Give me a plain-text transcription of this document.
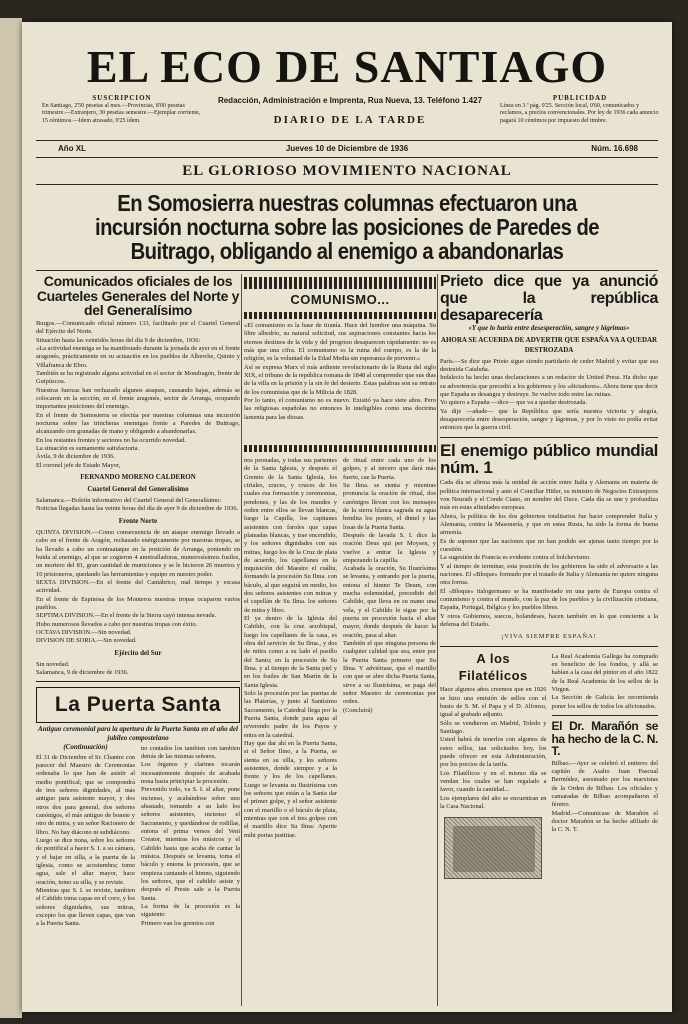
EL ECO DE SANTIAGO
SUSCRIPCION
En Santiago, 2'50 pesetas al mes.—Provincias, 8'00 pesetas trimestre.—Extranjero, 30 pesetas semestre.—Ejemplar corriente, 15 céntimos.—Idem atrasado, 0'25 ídem.
Redacción, Administración e Imprenta, Rua Nueva, 13. Teléfono 1.427
DIARIO DE LA TARDE
PUBLICIDAD
Línea en 3.ª pág. 0'25. Sección local, 0'60, comunicados y reclamos, a precios convencionales. Por ley de 1936 cada anuncio pagará 10 céntimos por impuesto del timbre.
Año XL	Jueves 10 de Diciembre de 1936	Núm. 16.698
EL GLORIOSO MOVIMIENTO NACIONAL
En Somosierra nuestras columnas efectuaron una incursión nocturna sobre las posiciones de Paredes de Buitrago, obligando al enemigo a abandonarlas
Comunicados oficiales de los Cuarteles Generales del Norte y del Generalísimo
Burgos.—Comunicado oficial número 133, facilitado por el Cuartel General del Ejército del Norte.
Situación hasta las veintidós horas del día 9 de diciembre, 1936:
«La actividad enemiga se ha manifestado durante la jornada de ayer en el frente aragonés, prácticamente en su actuación en los pueblos de Alberche, Quinto y Villafranca de Ebro.
También se ha registrado alguna actividad en el sector de Mondragón, frente de Guipúzcoa.
Nuestras fuerzas han rechazado algunos ataques, causando bajas, además se colocaron en la sección, en el frente aragonés, sector de Arranga, ocupando importantes posiciones del enemigo.
En el frente de Somosierra se efectúa por nuestras columnas una incursión nocturna sobre las trincheras enemigas frente a Paredes de Buitrago, alcanzando con granadas de mano y obligando a abandonarlas.
En los restantes frentes y sectores no ha ocurrido novedad.
La situación es sumamente satisfactoria.
Ávila, 9 de diciembre de 1936.
El coronel jefe de Estado Mayor,
FERNANDO MORENO CALDERON
Cuartel General del Generalísimo
Salamanca.—Boletín informativo del Cuartel General del Generalísimo:
Noticias llegadas hasta las veinte horas del día de ayer 9 de diciembre de 1936.
Frente Norte
QUINTA DIVISION.—Como consecuencia de un ataque enemigo llevado a cabo en el frente de Aragón, rechazado enérgicamente por nuestras tropas, se ha llevado a cabo un contraataque en la posición de Arranga, poniendo en huida al enemigo, al que se cogieron 4 ametralladoras, numerosísimos fusiles, un mortero del 81, gran cantidad de municiones y se le hicieron 26 muertos y 10 prisioneros, quedando las herramientas y equipo en nuestro poder.
SEXTA DIVISION.—En el frente del Cantábrico, mal tiempo y escasa actividad.
En el frente de Espinosa de los Monteros nuestras tropas ocuparon varios pueblos.
SEPTIMA DIVISION.—En el frente de la Sierra cayó intensa nevada.
Hubo numerosos llevados a cabo por nuestras tropas con éxito.
OCTAVA DIVISION.—Sin novedad.
DIVISION DE SORIA.—Sin novedad.
Ejército del Sur
Sin novedad.
Salamanca, 9 de diciembre de 1936.
La Puerta Santa
Antiguo ceremonial para la apertura de la Puerta Santa en el año del jubileo compostelano
(Continuación)
El 31 de Diciembre el Sr. Chantre con parecer del Maestro de Ceremonias ordenaba lo que han de asistir al medio pontifical; que se compondrá de tres señores dignidades, al más antiguo para asistente mayor, y dos otros dos para general, dos señores canónigos, el más antiguo de bonete y otro de mitra, y un señor Racionero de libro. No hay diácono ni subdiácono.
Luego se dice nona, sobre los señores de pontifical a hacer S. I. a su cámara, y el bajar en silla, a la puerta de la iglesia, como se acostumbra; tomo agua, sale el altar mayor, hace oración, tomo su silla, y se reviste.
Mientras que S. I. se reviste, tambien el Cabildo toma capas en el coro, y los señores dignidades, sus mitras, excepto los que lleven capas, que van a la Puerta Santa.
no contados los tambien con tambien detrás de las mismas señores.
Los órganos y clarines tocarán incesantemente después de acabada nona hasta principiar la procesión.
Prevenido todo, va S. I. al altar, pone incienso, y acabándose sobre uno abastado, tomando a su lado los señores asistentes, incienso el Sacramento, y quedándose de rodillas, entona el prima versos del Veni Creator, mientras los músicos y el Cabildo hasta que acaba de cantar la música. Después se levanta, toma el báculo y entona la procesión, que se empieza cantando el himno, siguiendo los señores, que el cabildo asiste y después el Preste sale a la Puerta Santa.
La forma de la procesión es la siguiente:
Primero van los gremios con
COMUNISMO...
«El comunismo es la base de tiranía. Hace del hombre una máquina. Su libre albedrío, su natural solicitud, sus aspiraciones constantes hacia los eternos destinos de la vida y del progreso desaparecen rápidamente: no es más que una cifra. El comunismo es la ruina del cuerpo, es la de la religión, es la voluntad de la Edad Media sin esperanza de porvenir.»
Así se expresa Marx el más ardiente revolucionario de la Rusia del siglo XIX, el tribuno de la república romana de 1848 al comprender que sus días de la villa en la prisión y la sin fe del desierto. Estas palabras son su retrato de los comunistas que de la Milicia de 1828.
Por lo tanto, el comunismo no es nuevo. Existió ya hace siete años. Pero las religiosas españolas no entonces lo inteligibles como una doctrina lamenta para las diosas.
nos peonadas, y todas sus parientes de la Santa Iglesia, y después el Gremio de la Santa Iglesia, los ciriales, cruces, y cruces de los cuales esa formación y ceremonias, pendones, y las de los mandes y orden entre ellos se llevan blancas, luego la Capilla, los capitanes asistentes con faroles que capas plateadas blancas, y trae encendido, y los señores dignidades con sus mitras, luego los de la Cruz de plata de acuerdo, los capellanes en la inquisición del Maestre el cuáltu, formando la procesión Su Ilma. con báculo, al que seguirá en medio, los dos señores asistentes con mitras y el capellán de Su Ilma. los señores de mitra y libro.
El ya dentro de la Iglesia del Cabildo, con la cruz arzobispal, luego los capellanes de la casa, es obra del servicio de Su Ilma., y dos de mitra como a su lado el pasillo del Santo; en la procesión de Su Ilma. y al tiempo de la Santa piel y en los frailes de San Martín de la Santa Iglesia.
Solo la procesión por las puertas de las Platerías, y junto al Santísimo Sacramento, la Catedral llega por la Puerta Santa, donde para agua al reverendo padre de los Payos y entra en la catedral.
Hay que dar ahí en la Puerta Santa, si el Señor Ilmo, a la Puerta, se sienta en su silla, y los señores asistentes, donde siempre y a la frente y los de los capellanes. Luego se levanta su Ilustrísima con los señores que están a la Santa dar el primer golpe, y el señor asistente con el martillo o el báculo de plata, mientras que con el tres golpes con el martillo dice Su Ilma: Aperite mihi portas justitiae.
de ritual entre cada uno de los golpes, y al tercero que dará más fuerte, cae la Puerta.
Su Ilma. se sienta y mientras pronuncia la oración de ritual, dos canónigos llevan con los mensajes de la sierra blanca sagrada su agua bendita los postes, el dintel y las losas de la Puerta Santa.
Después de lavada S. I. dice la oración Deus qui per Moysen, y vuelve a entrar la Iglesia y empezando la capilla.
Acabada la oración, Su Ilustrísima se levanta, y entrando por la puerta, entona el himno Te Deum, con mucha solemnidad, precedido del Cabildo, que lleva en su mano una vela, y el Cabildo le sigue por la puerta en procesión hacia el altar mayor, donde después de hacer la oración, pasa al altar.
También el que ninguna persona de cualquier calidad que sea, entre por la Puerta Santa primero que Su Ilma. Y adviértase, que el martillo con que se abre dicha Puerta Santa, sirve a su Ilustrísima, se paga del señor Maestro de ceremonias por orden.
(Concluirá)
Prieto dice que ya anunció que la república desaparecería
«Y que lo haría entre desesperación, sangre y lágrimas»
AHORA SE ACUERDA DE ADVERTIR QUE ESPAÑA VA A QUEDAR DESTROZADA
París.—Se dice que Prieto sigue siendo partidario de ceder Madrid y evitar que sea destruida Cataluña.
Indalecio ha hecho unas declaraciones a un redactor de United Press. Ha dicho que su advertencia que precedió a los gobiernos y los «dictadores». Ahora tiene que decir que España se desangra y destruye. Se vuelve todo entre las ruinas.
Yo quiero a España —dice— que va a quedar destrozada.
Ya dije —añade— que la República que sería nuestra victoria y alegría, desaparecería entre desesperación, sangre y lágrimas, y por lo visto no podía evitar entonces que la guerra civil.
El enemigo público mundial núm. 1
Cada día se afirma más la unidad de acción entre Italia y Alemania en materia de política internacional y ante el Conciliar Hitler, su ministro de Negocios Extranjeros von Neurath y el Conde Ciano, en nombre del Duce. Cada día se une y profundiza más en estas afinidades europeas.
Ahora, la política de los dos gobiernos totalitarios fue hacer comprender Italia y Alemania, contra la Masonería, y que en estas Rusia, ha sido la forma de buena armonía.
Es de suponer que las naciones que no han podido ser ajenas tanto tiempo por la cuestión.
La sugestión de Francia es evidente contra el bolchevismo.
Y al tiempo de terminar, esta posición de los gobiernos ha sido el adversario a las naciones. El «Bloque» formado por el tratado de Italia y Alemania no quiere ninguna otra forma.
El «Bloque» italogermano se ha manifestado en una parte de Europa contra el comunismo y contra el mundo, con la paz de los pueblos y la civilización cristiana, España, Portugal, Bélgica y los pueblos libres.
Y otros Gobiernos, suecos, holandeses, hacen también en lo que concierne a la defensa del Estado.
¡VIVA SIEMPRE ESPAÑA!
A los Filatélicos
Hace algunos años creemos que en 1926 se hizo una emisión de sellos con el busto de S. M. el Papa y el D. Alfonso, igual al grabado adjunto.
Sólo se vendieron en Madrid, Toledo y Santiago.
Usted habrá de tenerlos con algunos de estos sellos, tan solicitados hoy, los puede ofrecer en esta Administración, por los precios de la tarifa.
Los Filatélicos y en el mismo día se vendan los cuales se han regalado a favor, cuando la cantidad...
Los ejemplares del año se encuentran en la Casa Nacional.
La Real Academia Gallega ha comprado en beneficio de los fondos, y allá se habían a la casa del pintor en el año 1822 de la Real Academia de los sellos de la Virgen.
La Sección de Galicia les recomienda poner los sellos de todos los aficionados.
El Dr. Marañón se ha hecho de la C. N. T.
Bilbao.—Ayer se celebró el entierro del capitán de Asalto Juan Pascual Bermúdez, asesinado por los marxistas de la Orden de Bilbao. Los oficiales y camaradas de Bilbao acompañaron el féretro.
Madrid.—Comunicase de Marañón el doctor Marañón se ha hecho afiliado de la C. N. T.
